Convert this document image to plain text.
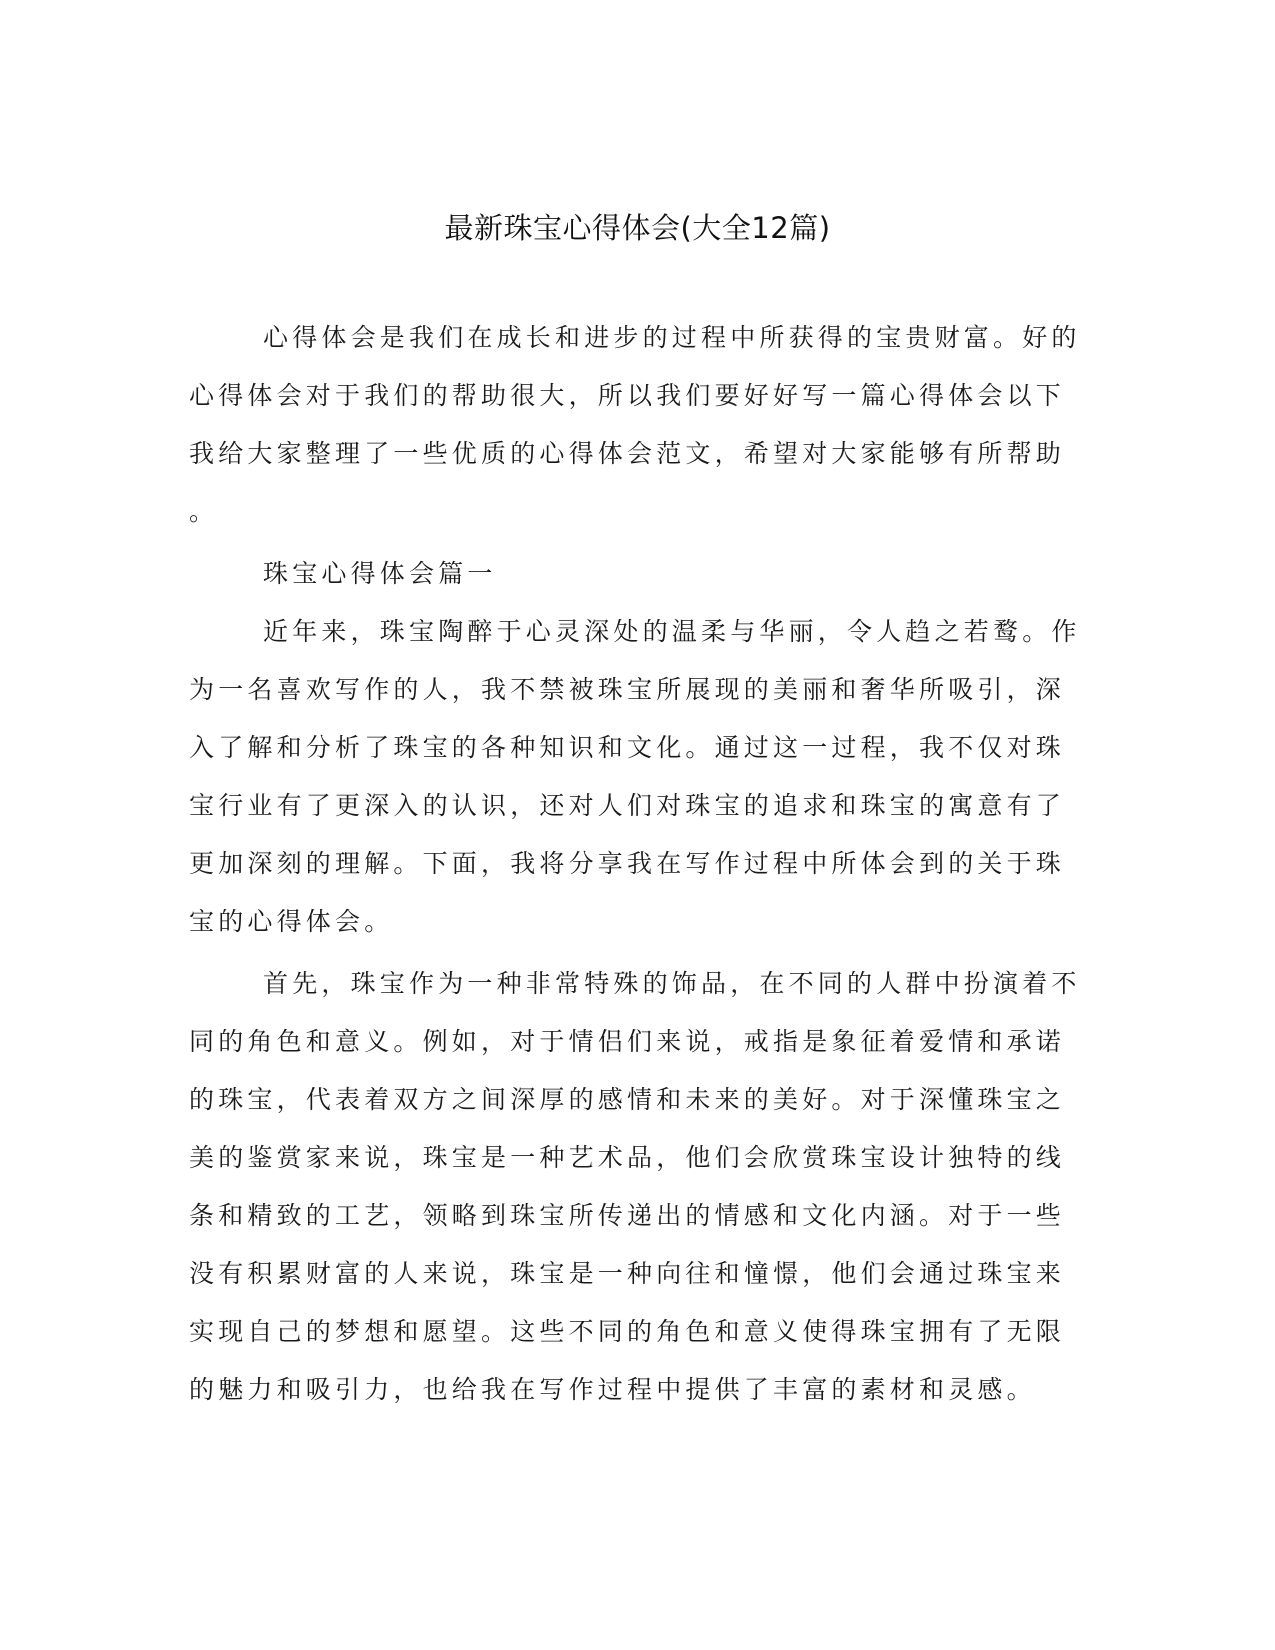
最新珠宝心得体会(大全12篇)
心得体会是我们在成长和进步的过程中所获得的宝贵财富。好的
心得体会对于我们的帮助很大，所以我们要好好写一篇心得体会以下
我给大家整理了一些优质的心得体会范文，希望对大家能够有所帮助
。
珠宝心得体会篇一
近年来，珠宝陶醉于心灵深处的温柔与华丽，令人趋之若鹜。作
为一名喜欢写作的人，我不禁被珠宝所展现的美丽和奢华所吸引，深
入了解和分析了珠宝的各种知识和文化。通过这一过程，我不仅对珠
宝行业有了更深入的认识，还对人们对珠宝的追求和珠宝的寓意有了
更加深刻的理解。下面，我将分享我在写作过程中所体会到的关于珠
宝的心得体会。
首先，珠宝作为一种非常特殊的饰品，在不同的人群中扮演着不
同的角色和意义。例如，对于情侣们来说，戒指是象征着爱情和承诺
的珠宝，代表着双方之间深厚的感情和未来的美好。对于深懂珠宝之
美的鉴赏家来说，珠宝是一种艺术品，他们会欣赏珠宝设计独特的线
条和精致的工艺，领略到珠宝所传递出的情感和文化内涵。对于一些
没有积累财富的人来说，珠宝是一种向往和憧憬，他们会通过珠宝来
实现自己的梦想和愿望。这些不同的角色和意义使得珠宝拥有了无限
的魅力和吸引力，也给我在写作过程中提供了丰富的素材和灵感。
